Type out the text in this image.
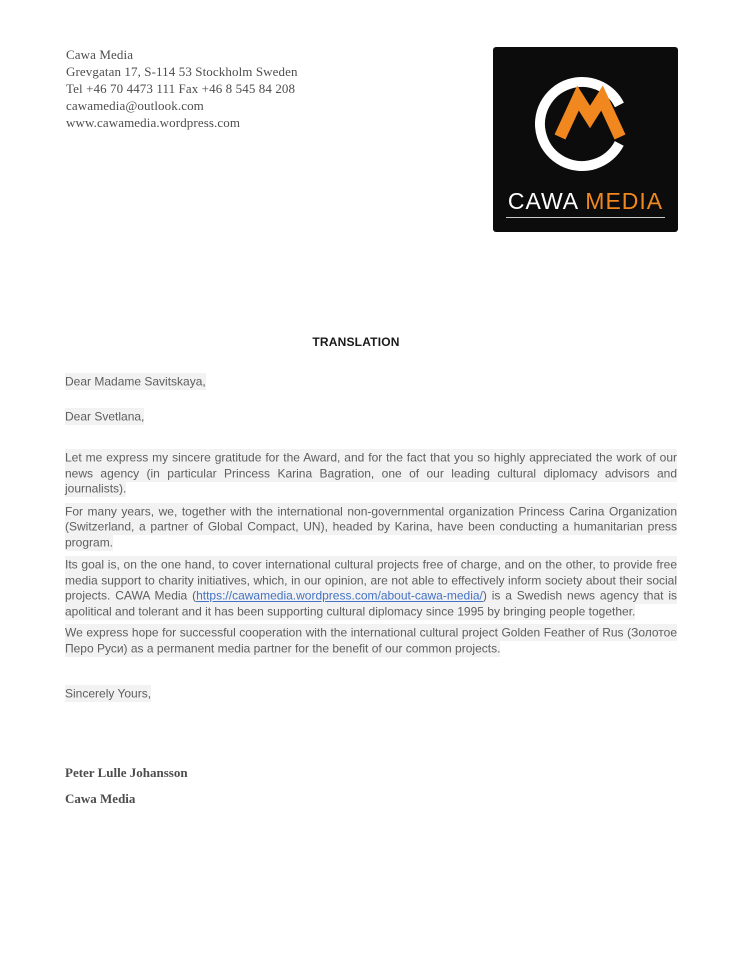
Cawa Media
Grevgatan 17, S-114 53 Stockholm Sweden
Tel +46 70 4473 111 Fax +46 8 545 84 208
cawamedia@outlook.com
www.cawamedia.wordpress.com
CAWA MEDIA
TRANSLATION

Dear Madame Savitskaya,

Dear Svetlana,

Let me express my sincere gratitude for the Award, and for the fact that you so highly appreciated the work of our news agency (in particular Princess Karina Bagration, one of our leading cultural diplomacy advisors and journalists).

For many years, we, together with the international non-governmental organization Princess Carina Organization (Switzerland, a partner of Global Compact, UN), headed by Karina, have been conducting a humanitarian press program.

Its goal is, on the one hand, to cover international cultural projects free of charge, and on the other, to provide free media support to charity initiatives, which, in our opinion, are not able to effectively inform society about their social projects. CAWA Media (https://cawamedia.wordpress.com/about-cawa-media/) is a Swedish news agency that is apolitical and tolerant and it has been supporting cultural diplomacy since 1995 by bringing people together.

We express hope for successful cooperation with the international cultural project Golden Feather of Rus (Золотое Перо Руси) as a permanent media partner for the benefit of our common projects.

Sincerely Yours,

Peter Lulle Johansson
Cawa Media
